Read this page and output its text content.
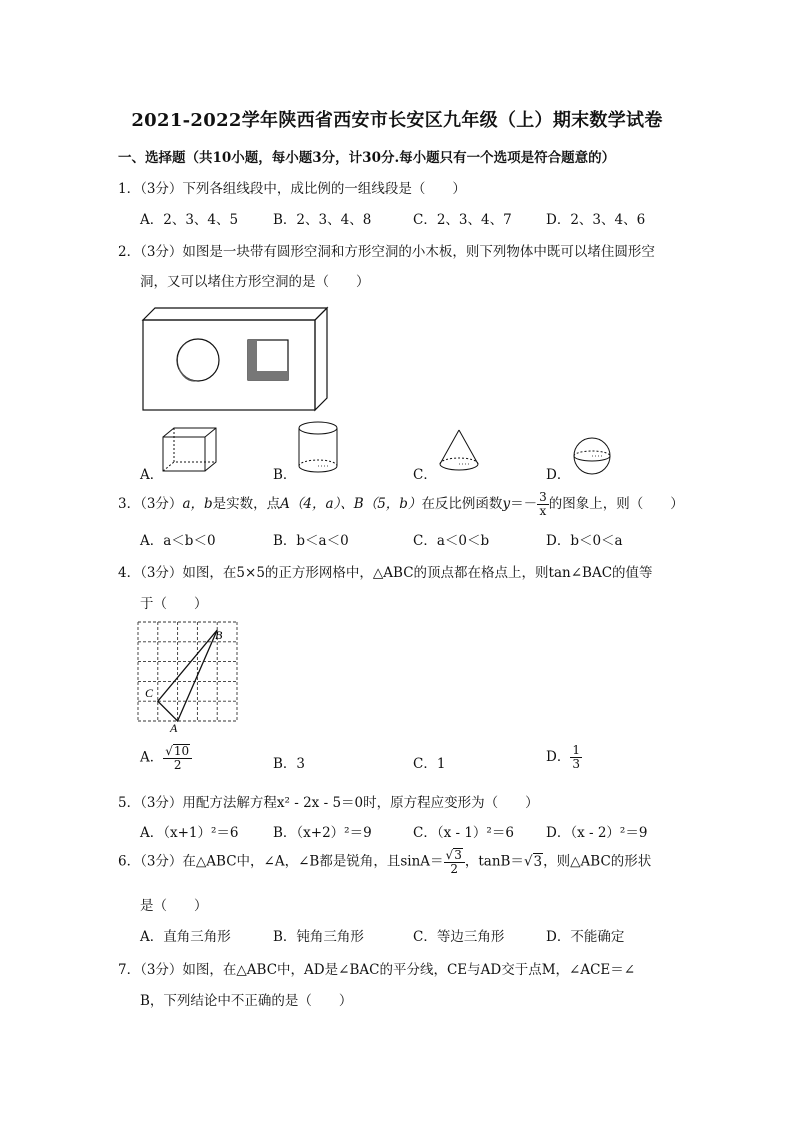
2021-2022学年陕西省西安市长安区九年级（上）期末数学试卷
一、选择题（共10小题，每小题3分，计30分.每小题只有一个选项是符合题意的）
1．（3分）下列各组线段中，成比例的一组线段是（　　）
A．2、3、4、5	B．2、3、4、8	C．2、3、4、7	D．2、3、4、6
2．（3分）如图是一块带有圆形空洞和方形空洞的小木板，则下列物体中既可以堵住圆形空
洞，又可以堵住方形空洞的是（　　）
A．	B．	C．	D．
3．（3分）a，b是实数，点A（4，a）、B（5，b）在反比例函数$y=- \frac{3}{x}$ 的图象上，则（　　）
A．a＜b＜0	B．b＜a＜0	C．a＜0＜b	D．b＜0＜a
4．（3分）如图，在5×5的正方形网格中，△ABC的顶点都在格点上，则tan∠BAC的值等
于（　　）
B
C
A
A． $\frac{√10}{2}$	B．3	C．1	D． $\frac{1}{3}$
5．（3分）用配方法解方程x² - 2x - 5＝0时，原方程应变形为（　　）
A．（x+1）²＝6	B．（x+2）²＝9	C．（x - 1）²＝6 D．（x - 2）²＝9
6．（3分）在△ABC中，∠A，∠B都是锐角，且$\sin A= \frac{√3}{2}$ ，tanB＝√3，则△ABC的形状
是（　　）
A．直角三角形	B．钝角三角形	C．等边三角形	D．不能确定
7．（3分）如图，在△ABC中，AD是∠BAC的平分线，CE与AD交于点M，∠ACE＝∠
B，下列结论中不正确的是（　　）
